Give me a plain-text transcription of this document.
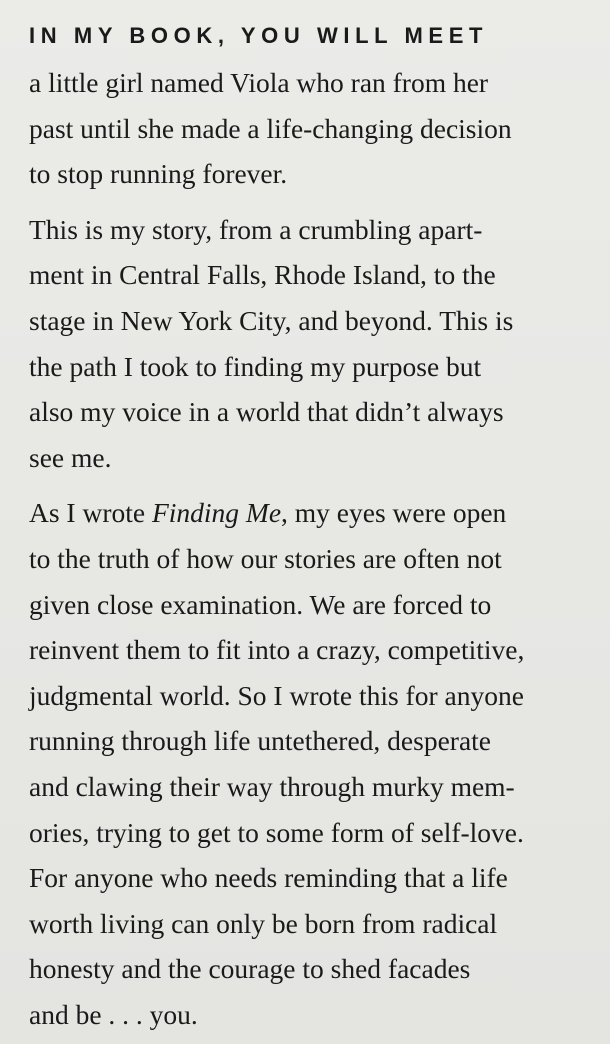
IN MY BOOK, YOU WILL MEET
a little girl named Viola who ran from her
past until she made a life-changing decision
to stop running forever.
This is my story, from a crumbling apart-
ment in Central Falls, Rhode Island, to the
stage in New York City, and beyond. This is
the path I took to finding my purpose but
also my voice in a world that didn’t always
see me.
As I wrote Finding Me, my eyes were open
to the truth of how our stories are often not
given close examination. We are forced to
reinvent them to fit into a crazy, competitive,
judgmental world. So I wrote this for anyone
running through life untethered, desperate
and clawing their way through murky mem-
ories, trying to get to some form of self-love.
For anyone who needs reminding that a life
worth living can only be born from radical
honesty and the courage to shed facades
and be . . . you.
